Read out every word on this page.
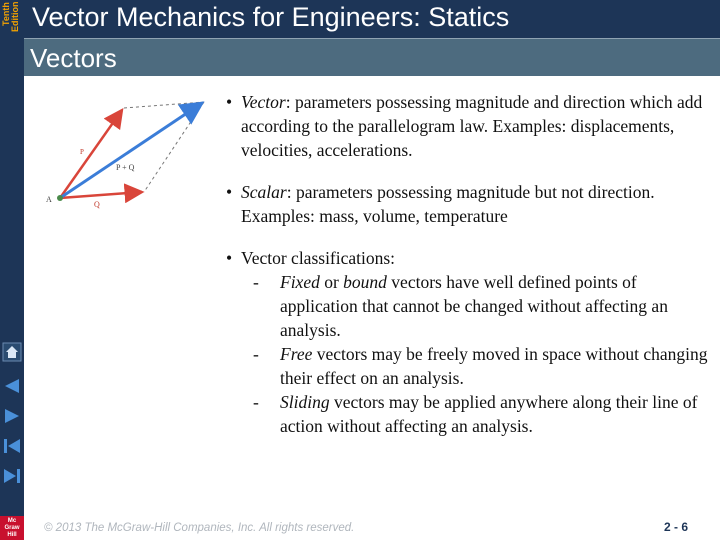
Tenth Edition Vector Mechanics for Engineers: Statics
Vectors
A
P
Q
P + Q
• Vector: parameters possessing magnitude and direction which add according to the parallelogram law. Examples: displacements, velocities, accelerations.
• Scalar: parameters possessing magnitude but not direction. Examples: mass, volume, temperature
• Vector classifications:
- Fixed or bound vectors have well defined points of application that cannot be changed without affecting an analysis.
- Free vectors may be freely moved in space without changing their effect on an analysis.
- Sliding vectors may be applied anywhere along their line of action without affecting an analysis.
Mc Graw Hill
© 2013 The McGraw-Hill Companies, Inc. All rights reserved.	2 - 6
